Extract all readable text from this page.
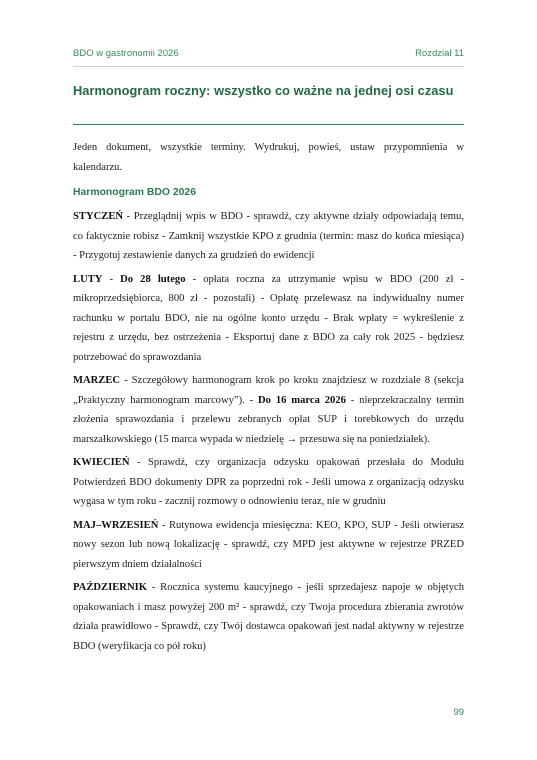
BDO w gastronomii 2026	Rozdział 11
Harmonogram roczny: wszystko co ważne na jednej osi czasu

Jeden dokument, wszystkie terminy. Wydrukuj, powieś, ustaw przypomnienia w kalendarzu.

Harmonogram BDO 2026

STYCZEŃ - Przeglądnij wpis w BDO - sprawdź, czy aktywne działy odpowiadają temu, co faktycznie robisz - Zamknij wszystkie KPO z grudnia (termin: masz do końca miesiąca) - Przygotuj zestawienie danych za grudzień do ewidencji

LUTY - Do 28 lutego - opłata roczna za utrzymanie wpisu w BDO (200 zł - mikroprzedsiębiorca, 800 zł - pozostali) - Opłatę przelewasz na indywidualny numer rachunku w portalu BDO, nie na ogólne konto urzędu - Brak wpłaty = wykreślenie z rejestru z urzędu, bez ostrzeżenia - Eksportuj dane z BDO za cały rok 2025 - będziesz potrzebować do sprawozdania

MARZEC - Szczegółowy harmonogram krok po kroku znajdziesz w rozdziale 8 (sekcja „Praktyczny harmonogram marcowy”). - Do 16 marca 2026 - nieprzekraczalny termin złożenia sprawozdania i przelewu zebranych opłat SUP i torebkowych do urzędu marszałkowskiego (15 marca wypada w niedzielę → przesuwa się na poniedziałek).

KWIECIEŃ - Sprawdź, czy organizacja odzysku opakowań przesłała do Modułu Potwierdzeń BDO dokumenty DPR za poprzedni rok - Jeśli umowa z organizacją odzysku wygasa w tym roku - zacznij rozmowy o odnowieniu teraz, nie w grudniu

MAJ–WRZESIEŃ - Rutynowa ewidencja miesięczna: KEO, KPO, SUP - Jeśli otwierasz nowy sezon lub nową lokalizację - sprawdź, czy MPD jest aktywne w rejestrze PRZED pierwszym dniem działalności

PAŹDZIERNIK - Rocznica systemu kaucyjnego - jeśli sprzedajesz napoje w objętych opakowaniach i masz powyżej 200 m² - sprawdź, czy Twoja procedura zbierania zwrotów działa prawidłowo - Sprawdź, czy Twój dostawca opakowań jest nadal aktywny w rejestrze BDO (weryfikacja co pół roku)

99
